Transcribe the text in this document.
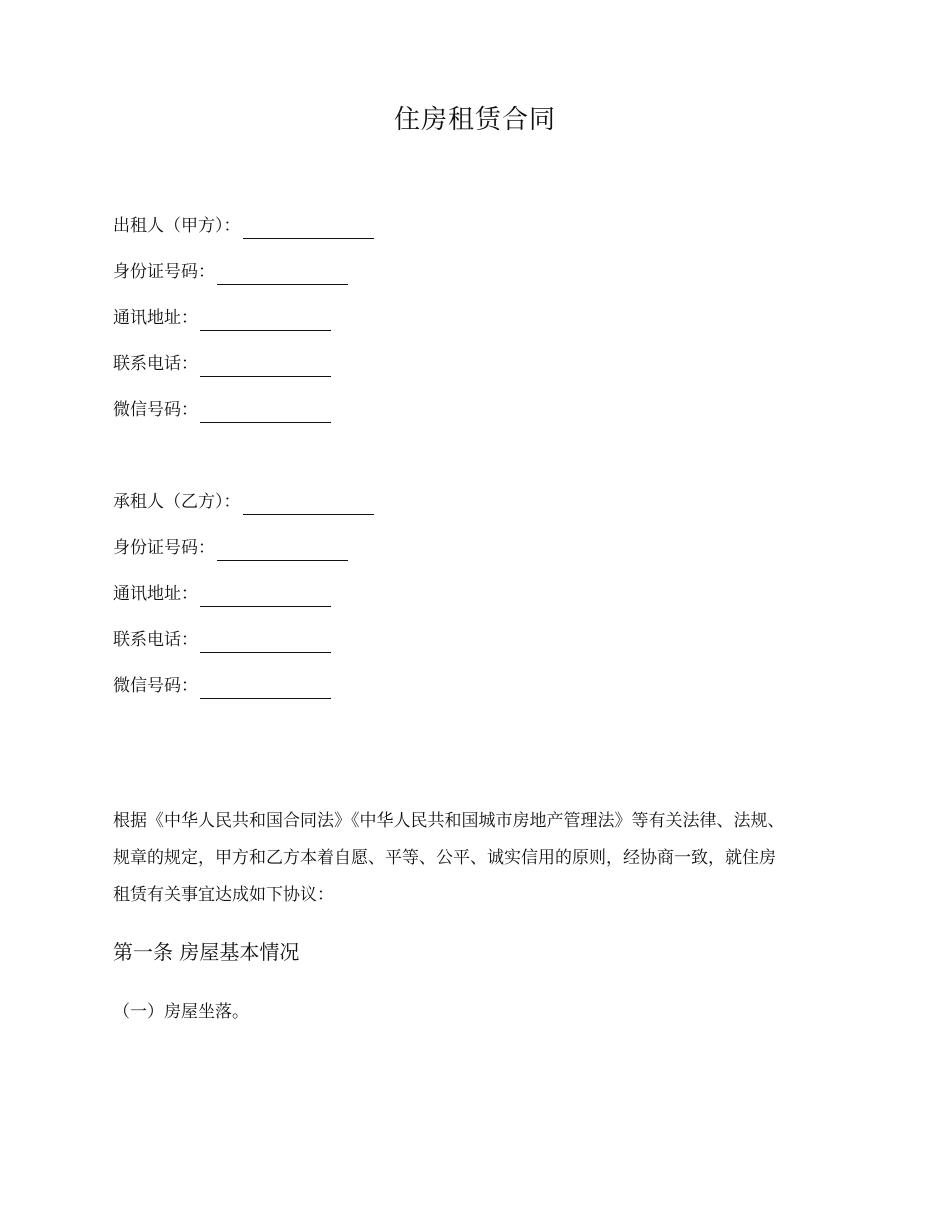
住房租赁合同
出租人（甲方）：
身份证号码：
通讯地址：
联系电话：
微信号码：
承租人（乙方）：
身份证号码：
通讯地址：
联系电话：
微信号码：
根据《中华人民共和国合同法》《中华人民共和国城市房地产管理法》等有关法律、法规、
规章的规定，甲方和乙方本着自愿、平等、公平、诚实信用的原则，经协商一致，就住房
租赁有关事宜达成如下协议：
第一条 房屋基本情况
（一）房屋坐落。
